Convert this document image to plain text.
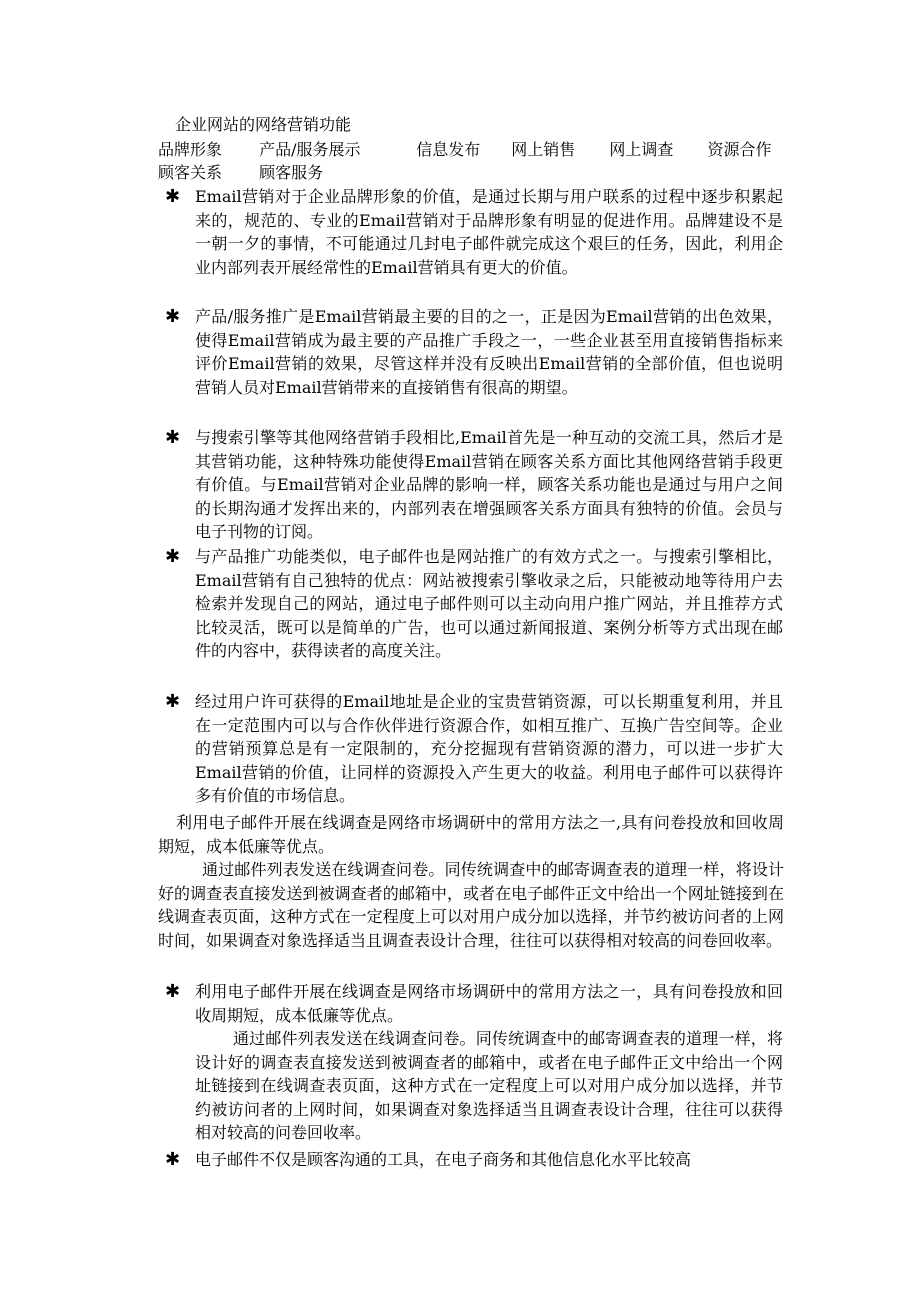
企业网站的网络营销功能
品牌形象 产品/服务展示	信息发布 网上销售 网上调查 资源合作
顾客关系 顾客服务
✱ Email营销对于企业品牌形象的价值，是通过长期与用户联系的过程中逐步积累起来的，规范的、专业的Email营销对于品牌形象有明显的促进作用。品牌建设不是一朝一夕的事情，不可能通过几封电子邮件就完成这个艰巨的任务，因此，利用企业内部列表开展经常性的Email营销具有更大的价值。
✱ 产品/服务推广是Email营销最主要的目的之一，正是因为Email营销的出色效果，使得Email营销成为最主要的产品推广手段之一，一些企业甚至用直接销售指标来评价Email营销的效果，尽管这样并没有反映出Email营销的全部价值，但也说明营销人员对Email营销带来的直接销售有很高的期望。
✱ 与搜索引擎等其他网络营销手段相比,Email首先是一种互动的交流工具，然后才是其营销功能，这种特殊功能使得Email营销在顾客关系方面比其他网络营销手段更有价值。与Email营销对企业品牌的影响一样，顾客关系功能也是通过与用户之间的长期沟通才发挥出来的，内部列表在增强顾客关系方面具有独特的价值。会员与电子刊物的订阅。
✱ 与产品推广功能类似，电子邮件也是网站推广的有效方式之一。与搜索引擎相比，Email营销有自己独特的优点：网站被搜索引擎收录之后，只能被动地等待用户去检索并发现自己的网站，通过电子邮件则可以主动向用户推广网站，并且推荐方式比较灵活，既可以是简单的广告，也可以通过新闻报道、案例分析等方式出现在邮件的内容中，获得读者的高度关注。
✱ 经过用户许可获得的Email地址是企业的宝贵营销资源，可以长期重复利用，并且在一定范围内可以与合作伙伴进行资源合作，如相互推广、互换广告空间等。企业的营销预算总是有一定限制的，充分挖掘现有营销资源的潜力，可以进一步扩大Email营销的价值，让同样的资源投入产生更大的收益。利用电子邮件可以获得许多有价值的市场信息。
利用电子邮件开展在线调查是网络市场调研中的常用方法之一,具有问卷投放和回收周期短，成本低廉等优点。
通过邮件列表发送在线调查问卷。同传统调查中的邮寄调查表的道理一样，将设计好的调查表直接发送到被调查者的邮箱中，或者在电子邮件正文中给出一个网址链接到在线调查表页面，这种方式在一定程度上可以对用户成分加以选择，并节约被访问者的上网时间，如果调查对象选择适当且调查表设计合理，往往可以获得相对较高的问卷回收率。
✱ 利用电子邮件开展在线调查是网络市场调研中的常用方法之一，具有问卷投放和回收周期短，成本低廉等优点。
通过邮件列表发送在线调查问卷。同传统调查中的邮寄调查表的道理一样，将设计好的调查表直接发送到被调查者的邮箱中，或者在电子邮件正文中给出一个网址链接到在线调查表页面，这种方式在一定程度上可以对用户成分加以选择，并节约被访问者的上网时间，如果调查对象选择适当且调查表设计合理，往往可以获得相对较高的问卷回收率。
✱ 电子邮件不仅是顾客沟通的工具，在电子商务和其他信息化水平比较高
